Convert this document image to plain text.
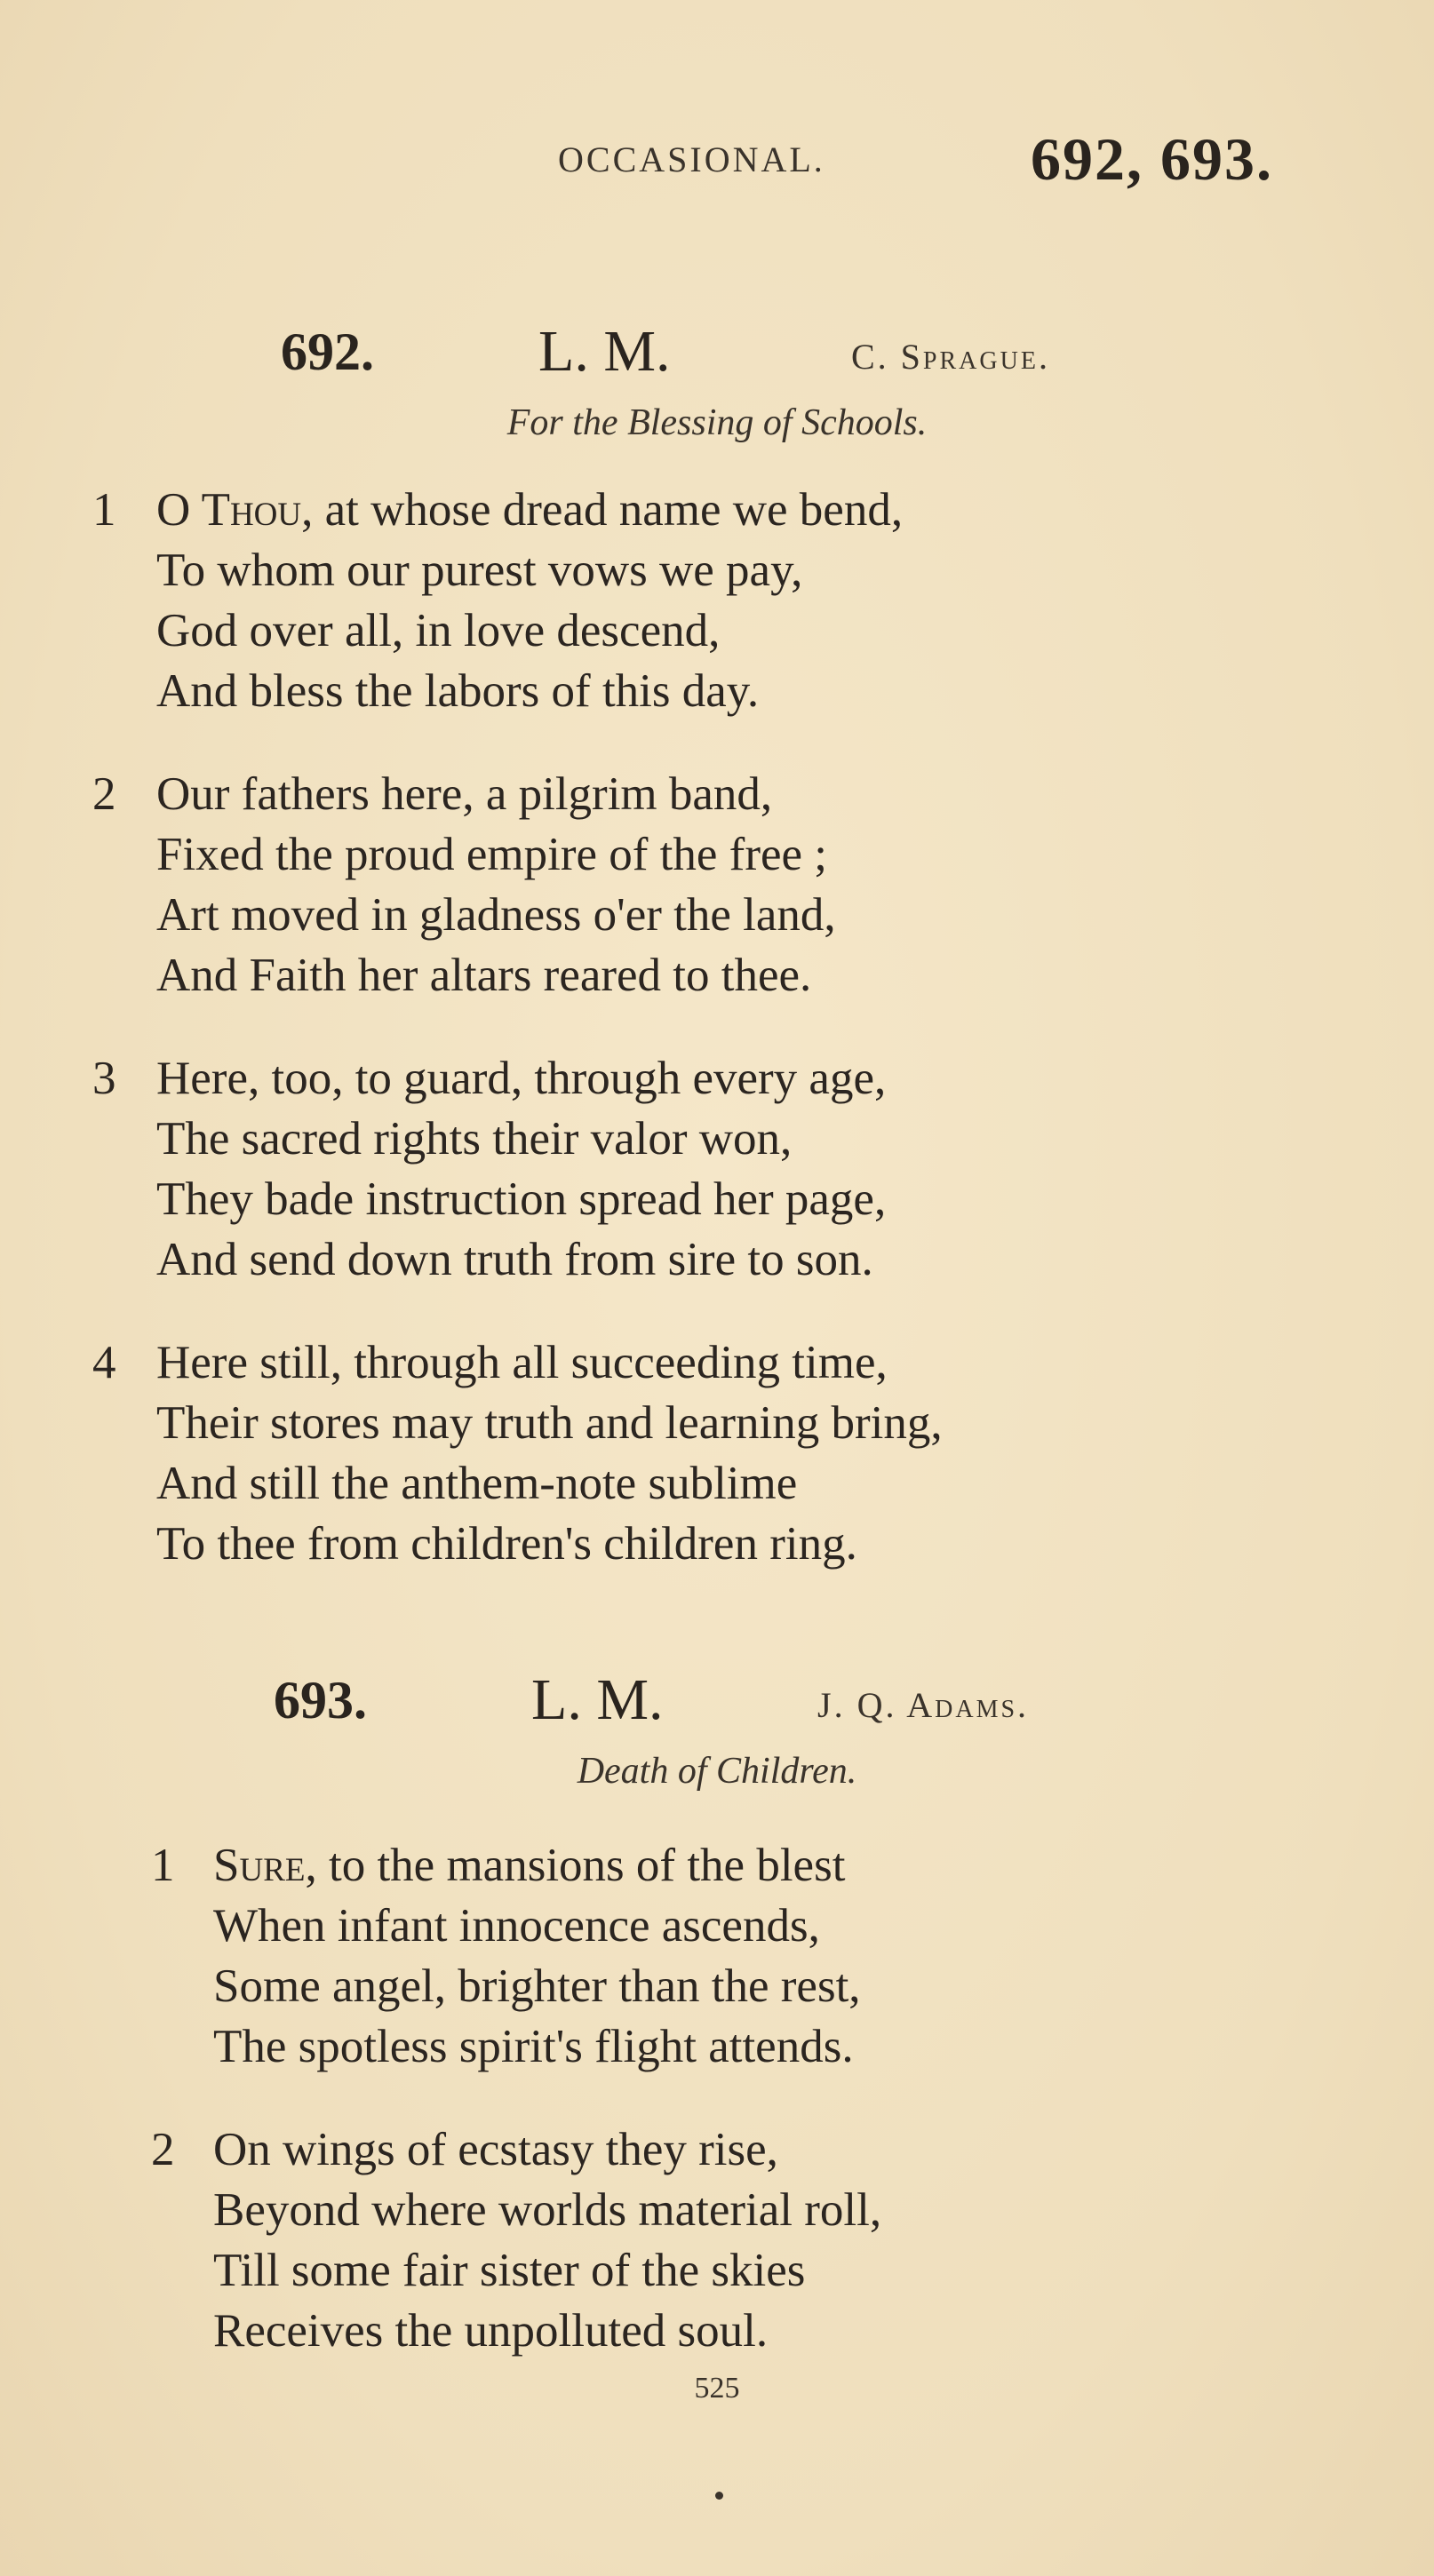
OCCASIONAL.	692, 693.
692.	L. M.	C. Sprague.
For the Blessing of Schools.
1 O Thou, at whose dread name we bend,
To whom our purest vows we pay,
God over all, in love descend,
And bless the labors of this day.
2 Our fathers here, a pilgrim band,
Fixed the proud empire of the free ;
Art moved in gladness o'er the land,
And Faith her altars reared to thee.
3 Here, too, to guard, through every age,
The sacred rights their valor won,
They bade instruction spread her page,
And send down truth from sire to son.
4 Here still, through all succeeding time,
Their stores may truth and learning bring,
And still the anthem-note sublime
To thee from children's children ring.
693.	L. M.	J. Q. Adams.
Death of Children.
1 Sure, to the mansions of the blest
When infant innocence ascends,
Some angel, brighter than the rest,
The spotless spirit's flight attends.
2 On wings of ecstasy they rise,
Beyond where worlds material roll,
Till some fair sister of the skies
Receives the unpolluted soul.
525
